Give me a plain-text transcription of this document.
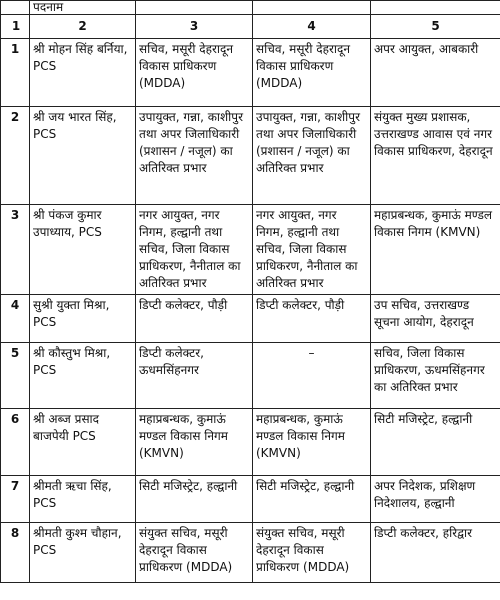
	पदनाम			
1	2	3	4	5
1	श्री मोहन सिंह बर्निया, PCS	सचिव, मसूरी देहरादून विकास प्राधिकरण (MDDA)	सचिव, मसूरी देहरादून विकास प्राधिकरण (MDDA)	अपर आयुक्त, आबकारी
2	श्री जय भारत सिंह, PCS	उपायुक्त, गन्ना, काशीपुर तथा अपर जिलाधिकारी (प्रशासन / नजूल) का अतिरिक्त प्रभार	उपायुक्त, गन्ना, काशीपुर तथा अपर जिलाधिकारी (प्रशासन / नजूल) का अतिरिक्त प्रभार	संयुक्त मुख्य प्रशासक, उत्तराखण्ड आवास एवं नगर विकास प्राधिकरण, देहरादून
3	श्री पंकज कुमार उपाध्याय, PCS	नगर आयुक्त, नगर निगम, हल्द्वानी तथा सचिव, जिला विकास प्राधिकरण, नैनीताल का अतिरिक्त प्रभार	नगर आयुक्त, नगर निगम, हल्द्वानी तथा सचिव, जिला विकास प्राधिकरण, नैनीताल का अतिरिक्त प्रभार	महाप्रबन्धक, कुमाऊं मण्डल विकास निगम (KMVN)
4	सुश्री युक्ता मिश्रा, PCS	डिप्टी कलेक्टर, पौड़ी	डिप्टी कलेक्टर, पौड़ी	उप सचिव, उत्तराखण्ड सूचना आयोग, देहरादून
5	श्री कौस्तुभ मिश्रा, PCS	डिप्टी कलेक्टर, ऊधमसिंहनगर	–	सचिव, जिला विकास प्राधिकरण, ऊधमसिंहनगर का अतिरिक्त प्रभार
6	श्री अब्ज प्रसाद बाजपेयी PCS	महाप्रबन्धक, कुमाऊं मण्डल विकास निगम (KMVN)	महाप्रबन्धक, कुमाऊं मण्डल विकास निगम (KMVN)	सिटी मजिस्ट्रेट, हल्द्वानी
7	श्रीमती ऋचा सिंह, PCS	सिटी मजिस्ट्रेट, हल्द्वानी	सिटी मजिस्ट्रेट, हल्द्वानी	अपर निदेशक, प्रशिक्षण निदेशालय, हल्द्वानी
8	श्रीमती कुश्म चौहान, PCS	संयुक्त सचिव, मसूरी देहरादून विकास प्राधिकरण (MDDA)	संयुक्त सचिव, मसूरी देहरादून विकास प्राधिकरण (MDDA)	डिप्टी कलेक्टर, हरिद्वार
